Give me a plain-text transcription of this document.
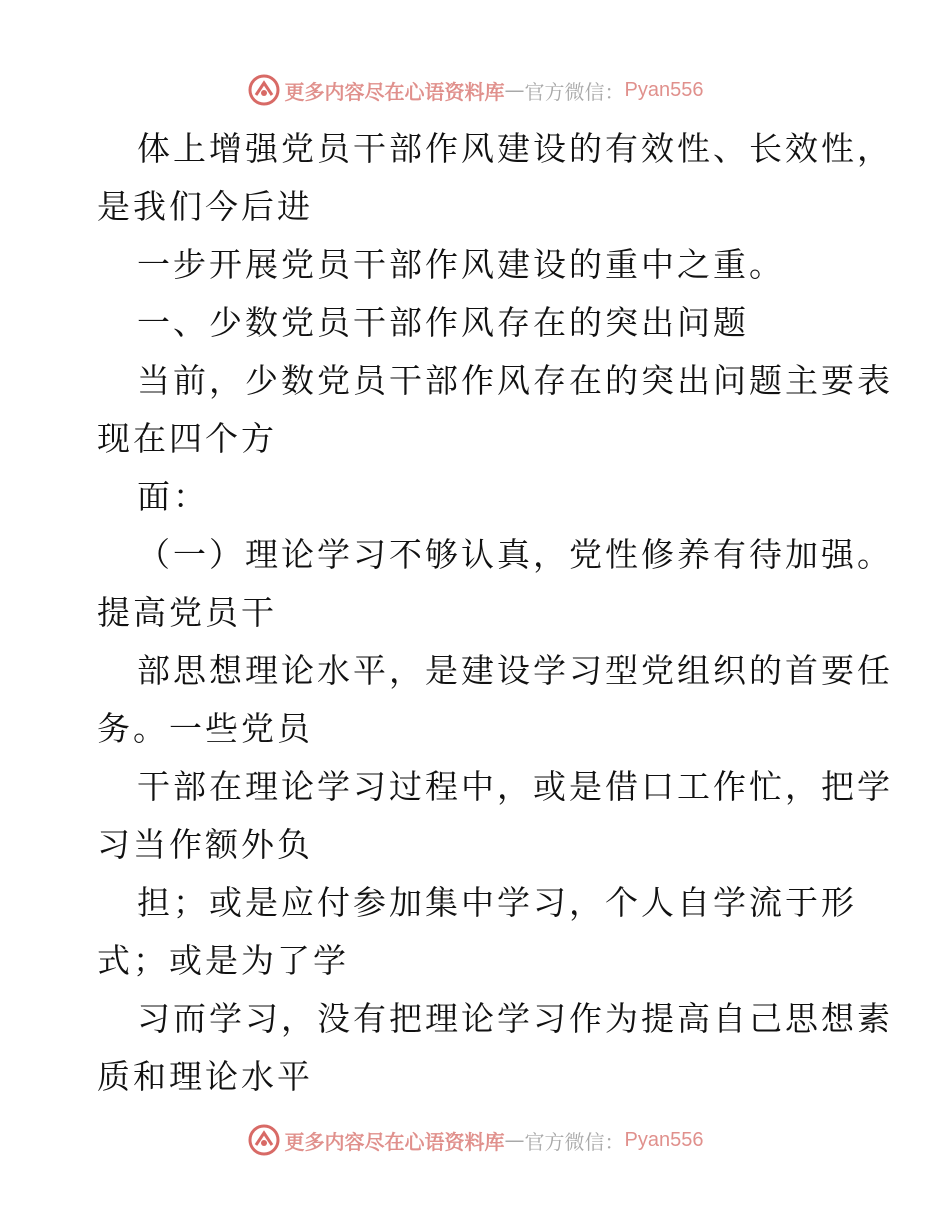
更多内容尽在心语资料库 — 官方微信： Pyan556
体上增强党员干部作风建设的有效性、长效性，
是我们今后进
一步开展党员干部作风建设的重中之重。
一、少数党员干部作风存在的突出问题
当前，少数党员干部作风存在的突出问题主要表
现在四个方
面：
（一）理论学习不够认真，党性修养有待加强。
提高党员干
部思想理论水平，是建设学习型党组织的首要任
务。一些党员
干部在理论学习过程中，或是借口工作忙，把学
习当作额外负
担；或是应付参加集中学习，个人自学流于形
式；或是为了学
习而学习，没有把理论学习作为提高自己思想素
质和理论水平
更多内容尽在心语资料库 — 官方微信： Pyan556
